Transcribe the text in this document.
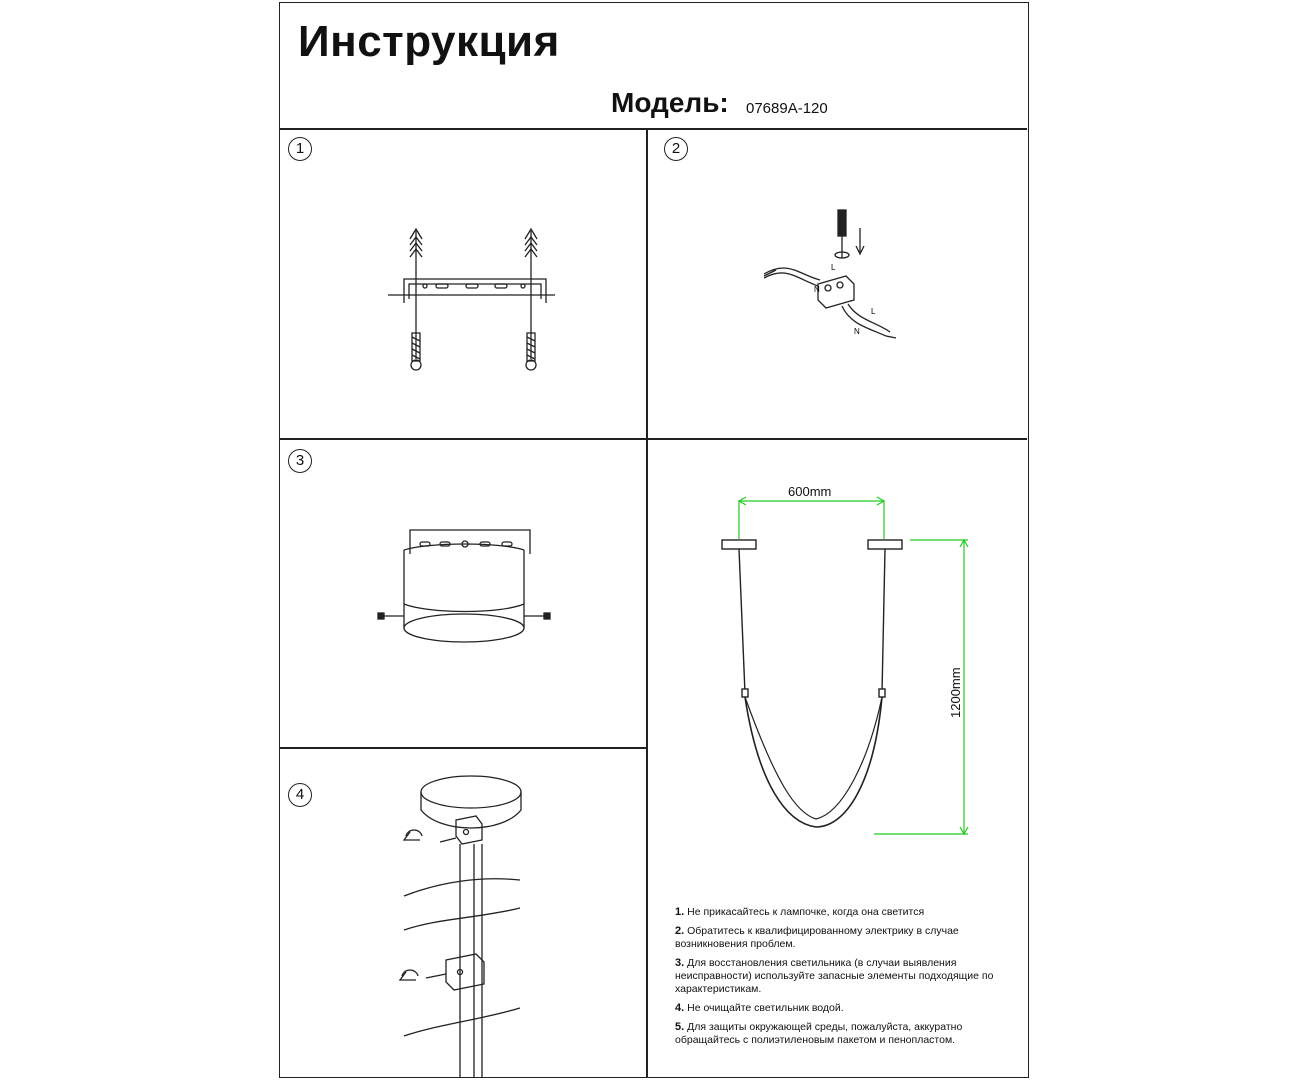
Инструкция
Модель: 07689A-120
1	2
3
4
L
N
L
N
600mm
1200mm
1. Не прикасайтесь к лампочке, когда она светится
2. Обратитесь к квалифицированному электрику в случае возникновения проблем.
3. Для восстановления светильника (в случаи выявления неисправности) используйте запасные элементы подходящие по характеристикам.
4. Не очищайте светильник водой.
5. Для защиты окружающей среды, пожалуйста, аккуратно обращайтесь с полиэтиленовым пакетом и пенопластом.
